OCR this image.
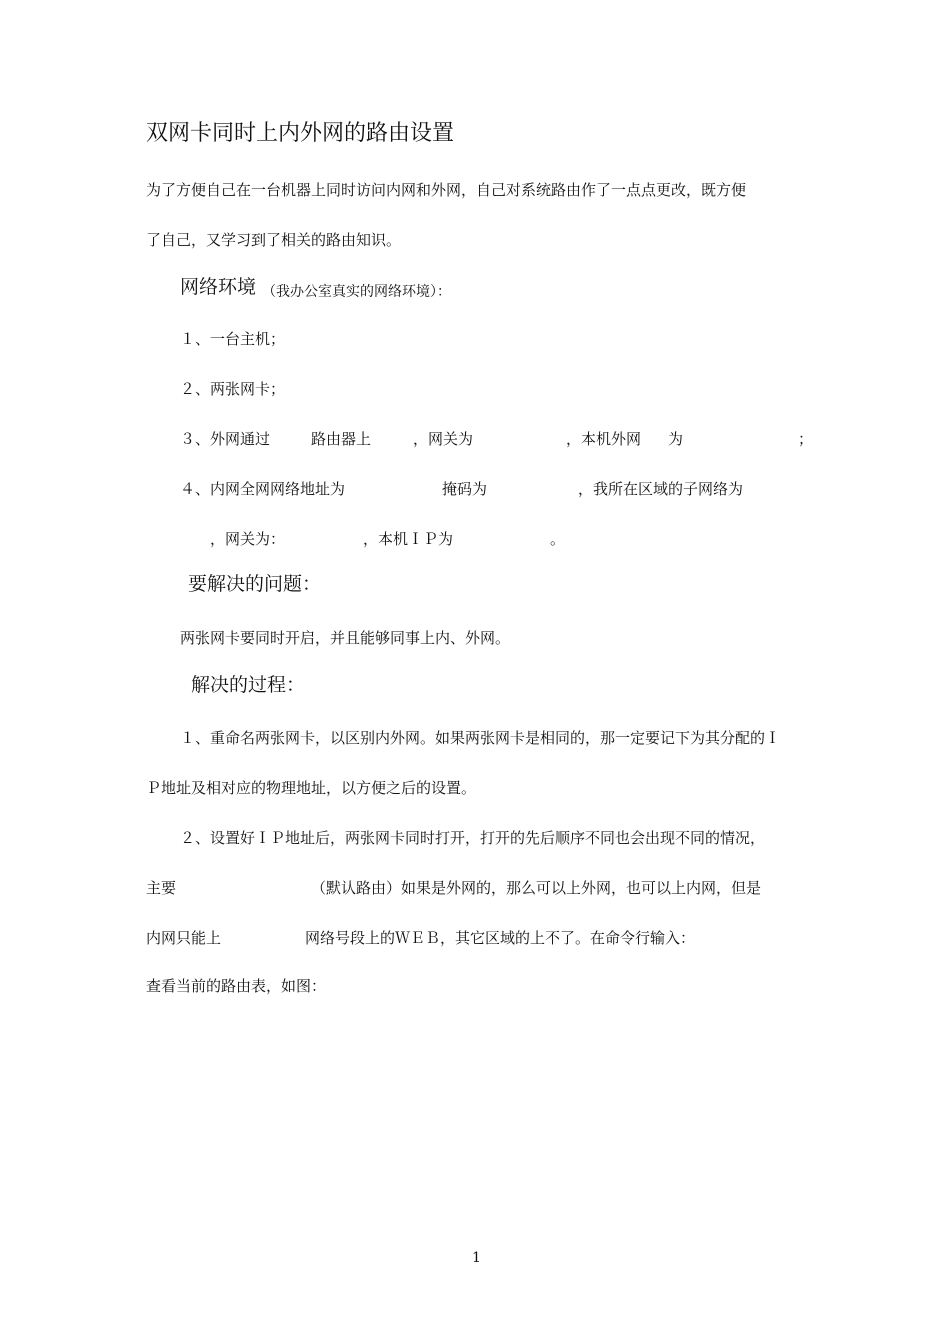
双网卡同时上内外网的路由设置
为了方便自己在一台机器上同时访问内网和外网，自己对系统路由作了一点点更改，既方便
了自己，又学习到了相关的路由知识。
网络环境 （我办公室真实的网络环境）：
１、一台主机；
２、两张网卡；
３、外网通过	路由器上	，网关为	，本机外网 为	；
４、内网全网网络地址为	掩码为	，我所在区域的子网络为
，网关为：	，本机ＩＰ为	。
要解决的问题：
两张网卡要同时开启，并且能够同事上内、外网。
解决的过程：
１、重命名两张网卡，以区别内外网。如果两张网卡是相同的，那一定要记下为其分配的Ｉ
Ｐ地址及相对应的物理地址，以方便之后的设置。
２、设置好ＩＰ地址后，两张网卡同时打开，打开的先后顺序不同也会出现不同的情况，
主要	（默认路由）如果是外网的，那么可以上外网，也可以上内网，但是
内网只能上	网络号段上的ＷＥＢ，其它区域的上不了。在命令行输入：
查看当前的路由表，如图：
1
